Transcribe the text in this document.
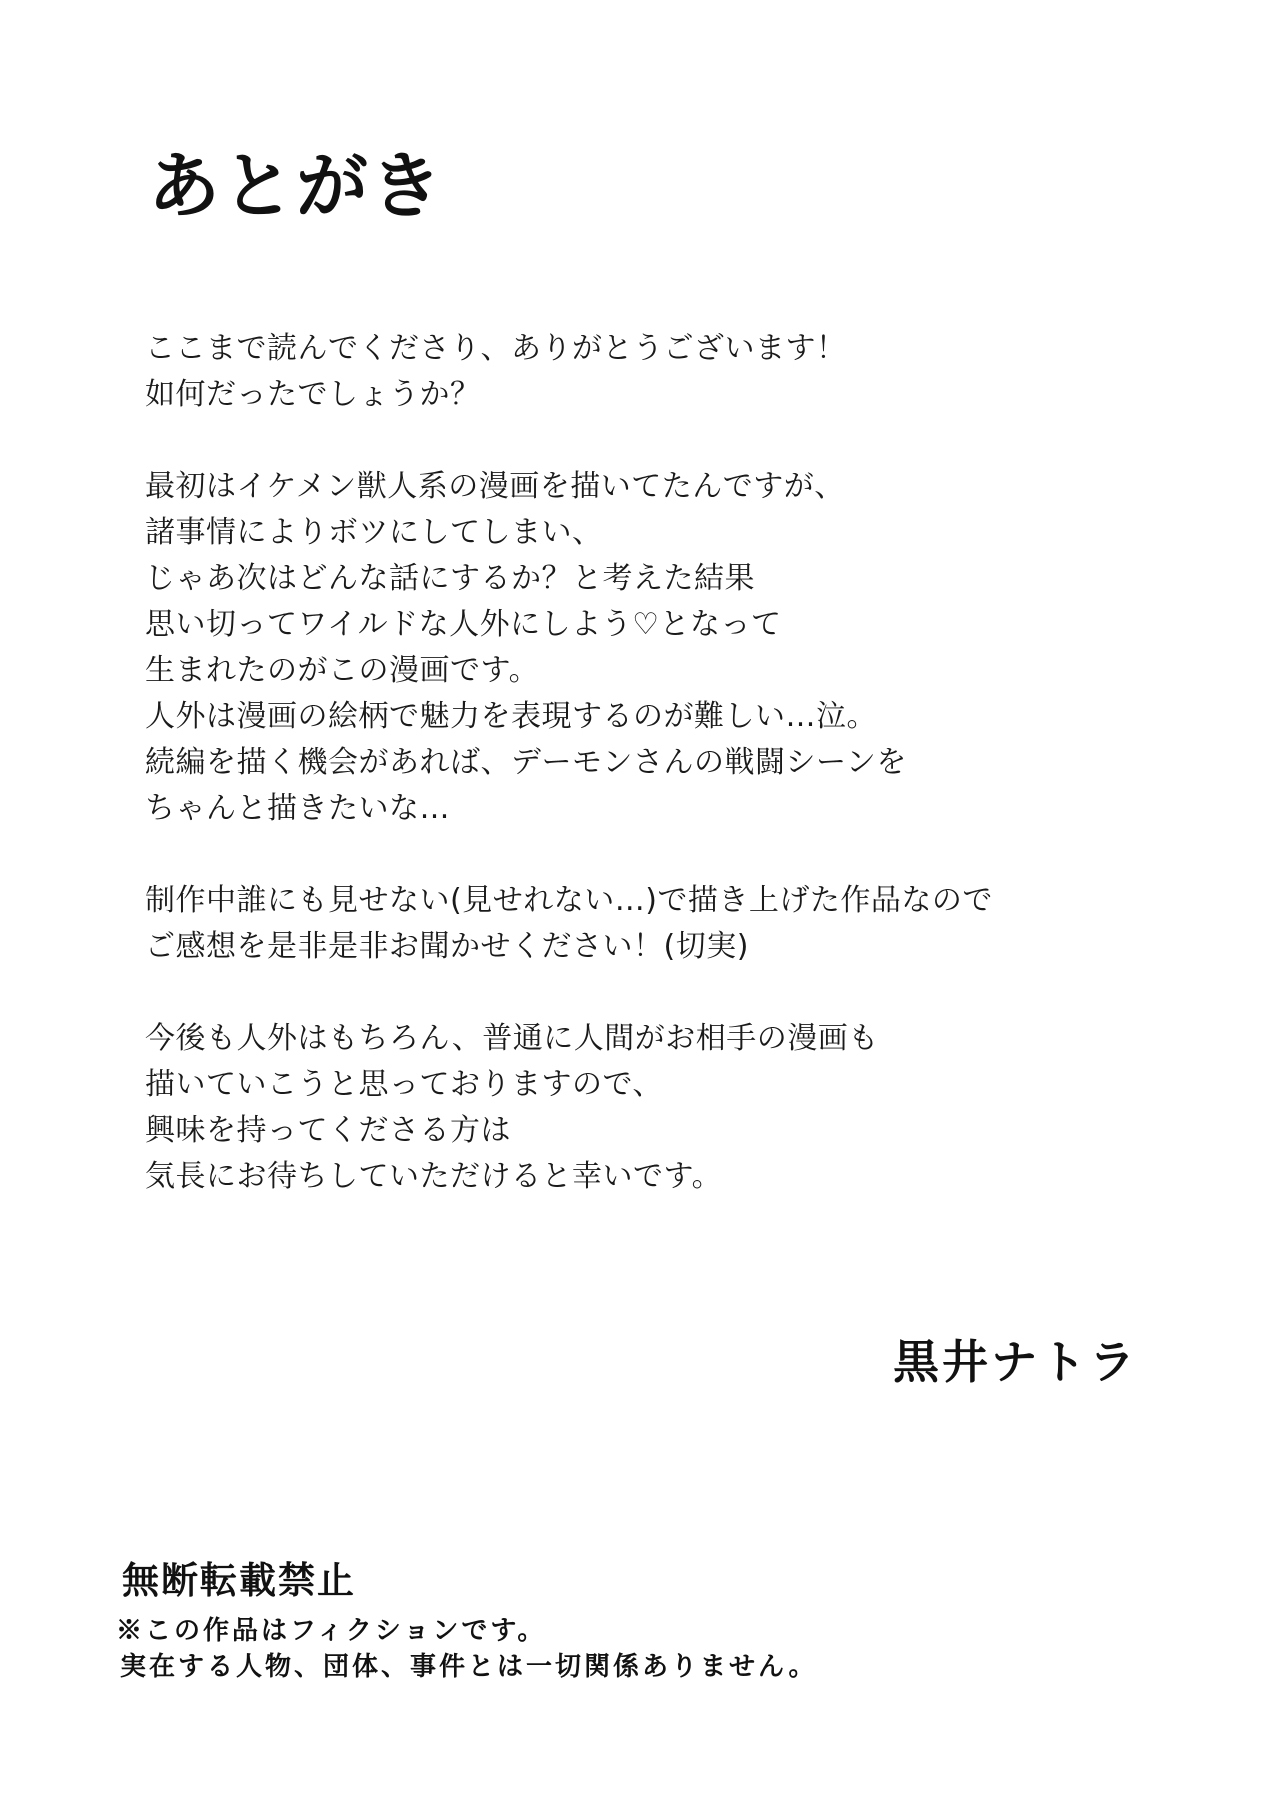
あとがき
ここまで読んでくださり、ありがとうございます！
如何だったでしょうか？
最初はイケメン獣人系の漫画を描いてたんですが、
諸事情によりボツにしてしまい、
じゃあ次はどんな話にするか？と考えた結果
思い切ってワイルドな人外にしよう♡となって
生まれたのがこの漫画です。
人外は漫画の絵柄で魅力を表現するのが難しい…泣。
続編を描く機会があれば、デーモンさんの戦闘シーンを
ちゃんと描きたいな…
制作中誰にも見せない(見せれない…)で描き上げた作品なので
ご感想を是非是非お聞かせください！(切実)
今後も人外はもちろん、普通に人間がお相手の漫画も
描いていこうと思っておりますので、
興味を持ってくださる方は
気長にお待ちしていただけると幸いです。
黒井ナトラ
無断転載禁止
※この作品はフィクションです。
実在する人物、団体、事件とは一切関係ありません。
